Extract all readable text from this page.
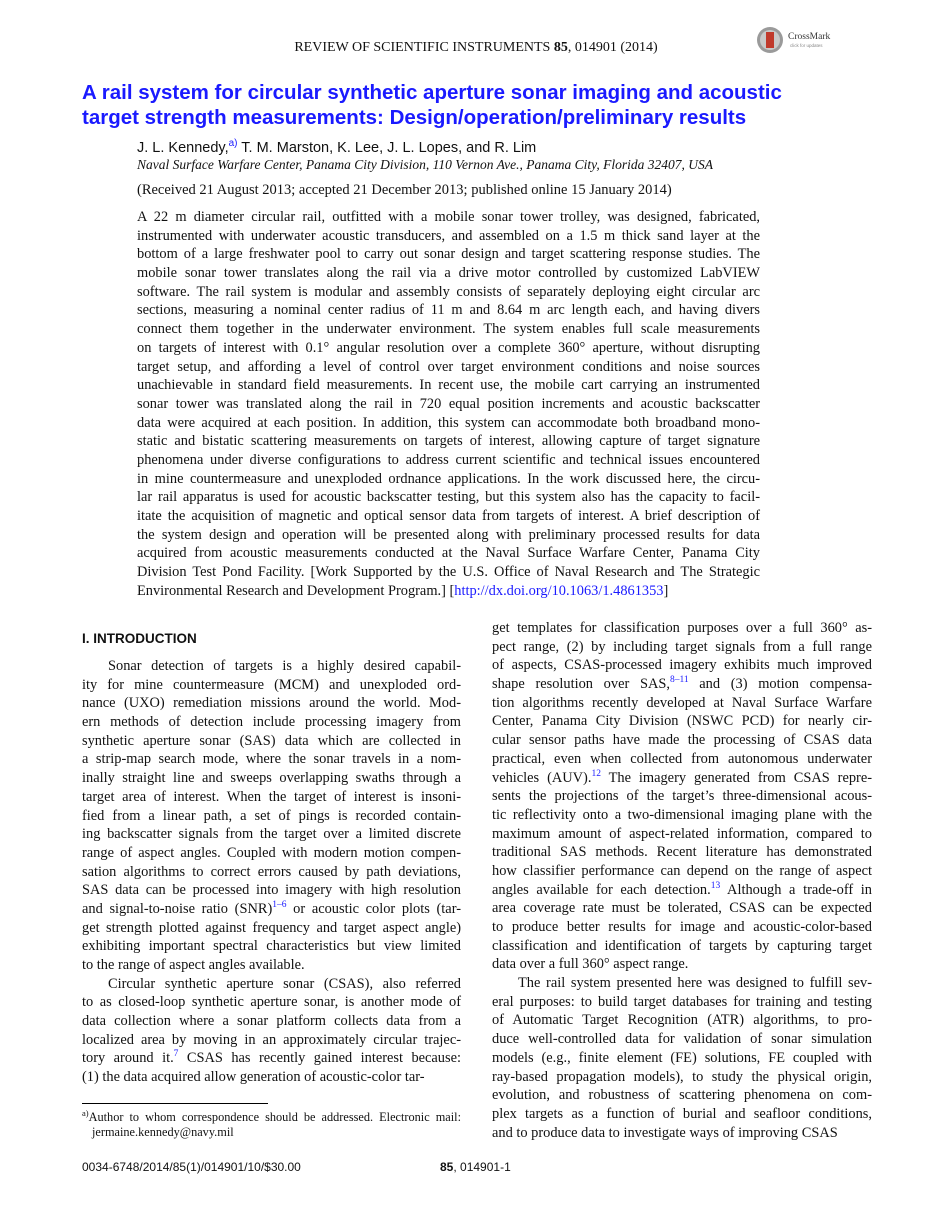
REVIEW OF SCIENTIFIC INSTRUMENTS 85, 014901 (2014)
CrossMark
click for updates
A rail system for circular synthetic aperture sonar imaging and acoustic
target strength measurements: Design/operation/preliminary results
J. L. Kennedy,$^{a)}$ T. M. Marston, K. Lee, J. L. Lopes, and R. Lim
Naval Surface Warfare Center, Panama City Division, 110 Vernon Ave., Panama City, Florida 32407, USA
(Received 21 August 2013; accepted 21 December 2013; published online 15 January 2014)
A 22 m diameter circular rail, outfitted with a mobile sonar tower trolley, was designed, fabricated,
instrumented with underwater acoustic transducers, and assembled on a 1.5 m thick sand layer at the
bottom of a large freshwater pool to carry out sonar design and target scattering response studies. The
mobile sonar tower translates along the rail via a drive motor controlled by customized LabVIEW
software. The rail system is modular and assembly consists of separately deploying eight circular arc
sections, measuring a nominal center radius of 11 m and 8.64 m arc length each, and having divers
connect them together in the underwater environment. The system enables full scale measurements
on targets of interest with 0.1° angular resolution over a complete 360° aperture, without disrupting
target setup, and affording a level of control over target environment conditions and noise sources
unachievable in standard field measurements. In recent use, the mobile cart carrying an instrumented
sonar tower was translated along the rail in 720 equal position increments and acoustic backscatter
data were acquired at each position. In addition, this system can accommodate both broadband mono-
static and bistatic scattering measurements on targets of interest, allowing capture of target signature
phenomena under diverse configurations to address current scientific and technical issues encountered
in mine countermeasure and unexploded ordnance applications. In the work discussed here, the circu-
lar rail apparatus is used for acoustic backscatter testing, but this system also has the capacity to facil-
itate the acquisition of magnetic and optical sensor data from targets of interest. A brief description of
the system design and operation will be presented along with preliminary processed results for data
acquired from acoustic measurements conducted at the Naval Surface Warfare Center, Panama City
Division Test Pond Facility. [Work Supported by the U.S. Office of Naval Research and The Strategic
Environmental Research and Development Program.] [http://dx.doi.org/10.1063/1.4861353]
I. INTRODUCTION
Sonar detection of targets is a highly desired capabil-
ity for mine countermeasure (MCM) and unexploded ord-
nance (UXO) remediation missions around the world. Mod-
ern methods of detection include processing imagery from
synthetic aperture sonar (SAS) data which are collected in
a strip-map search mode, where the sonar travels in a nom-
inally straight line and sweeps overlapping swaths through a
target area of interest. When the target of interest is insoni-
fied from a linear path, a set of pings is recorded contain-
ing backscatter signals from the target over a limited discrete
range of aspect angles. Coupled with modern motion compen-
sation algorithms to correct errors caused by path deviations,
SAS data can be processed into imagery with high resolution
and signal-to-noise ratio (SNR)$^{1-6}$ or acoustic color plots (tar-
get strength plotted against frequency and target aspect angle)
exhibiting important spectral characteristics but view limited
to the range of aspect angles available.
Circular synthetic aperture sonar (CSAS), also referred
to as closed-loop synthetic aperture sonar, is another mode of
data collection where a sonar platform collects data from a
localized area by moving in an approximately circular trajec-
tory around it.$^7$ CSAS has recently gained interest because:
(1) the data acquired allow generation of acoustic-color tar-
get templates for classification purposes over a full 360° as-
pect range, (2) by including target signals from a full range
of aspects, CSAS-processed imagery exhibits much improved
shape resolution over SAS,$^{8-11}$ and (3) motion compensa-
tion algorithms recently developed at Naval Surface Warfare
Center, Panama City Division (NSWC PCD) for nearly cir-
cular sensor paths have made the processing of CSAS data
practical, even when collected from autonomous underwater
vehicles (AUV).$^{12}$ The imagery generated from CSAS repre-
sents the projections of the target’s three-dimensional acous-
tic reflectivity onto a two-dimensional imaging plane with the
maximum amount of aspect-related information, compared to
traditional SAS methods. Recent literature has demonstrated
how classifier performance can depend on the range of aspect
angles available for each detection.$^{13}$ Although a trade-off in
area coverage rate must be tolerated, CSAS can be expected
to produce better results for image and acoustic-color-based
classification and identification of targets by capturing target
data over a full 360° aspect range.
The rail system presented here was designed to fulfill sev-
eral purposes: to build target databases for training and testing
of Automatic Target Recognition (ATR) algorithms, to pro-
duce well-controlled data for validation of sonar simulation
models (e.g., finite element (FE) solutions, FE coupled with
ray-based propagation models), to study the physical origin,
evolution, and robustness of scattering phenomena on com-
plex targets as a function of burial and seafloor conditions,
and to produce data to investigate ways of improving CSAS
$^{a)}$Author to whom correspondence should be addressed. Electronic mail:
jermaine.kennedy@navy.mil
0034-6748/2014/85(1)/014901/10/$30.00	85, 014901-1
